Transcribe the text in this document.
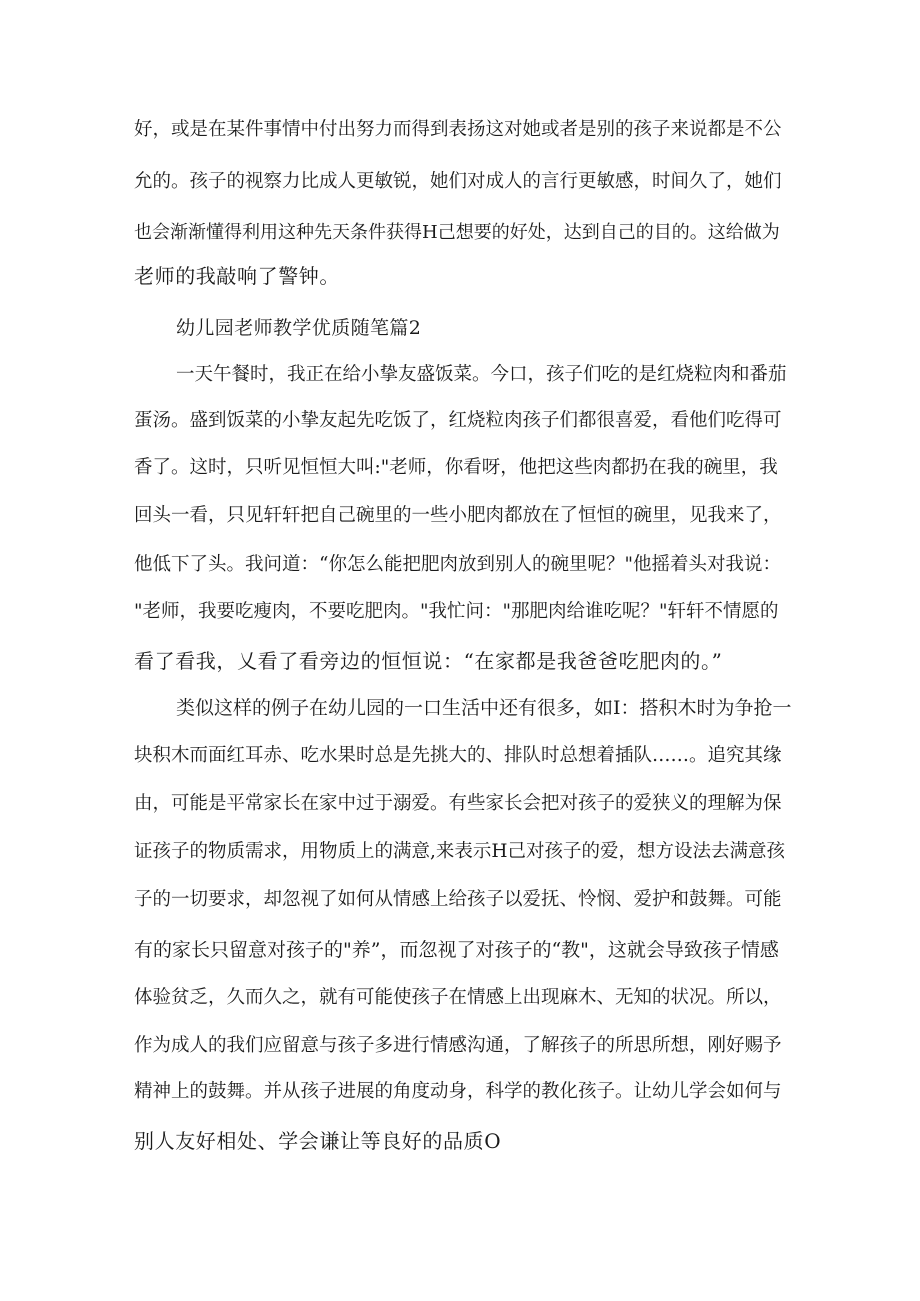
好，或是在某件事情中付出努力而得到表扬这对她或者是别的孩子来说都是不公
允的。孩子的视察力比成人更敏锐，她们对成人的言行更敏感，时间久了，她们
也会渐渐懂得利用这种先天条件获得H己想要的好处，达到自己的目的。这给做为
老师的我敲响了警钟。
幼儿园老师教学优质随笔篇2
一天午餐时，我正在给小挚友盛饭菜。今口，孩子们吃的是红烧粒肉和番茄
蛋汤。盛到饭菜的小挚友起先吃饭了，红烧粒肉孩子们都很喜爱，看他们吃得可
香了。这时，只听见恒恒大叫:"老师，你看呀，他把这些肉都扔在我的碗里，我
回头一看，只见轩轩把自己碗里的一些小肥肉都放在了恒恒的碗里，见我来了，
他低下了头。我问道：“你怎么能把肥肉放到别人的碗里呢？"他摇着头对我说：
"老师，我要吃瘦肉，不要吃肥肉。"我忙问："那肥肉给谁吃呢？"轩轩不情愿的
看了看我，乂看了看旁边的恒恒说：“在家都是我爸爸吃肥肉的。”
类似这样的例子在幼儿园的一口生活中还有很多，如I：搭积木时为争抢一
块积木而面红耳赤、吃水果时总是先挑大的、排队时总想着插队……。追究其缘
由，可能是平常家长在家中过于溺爱。有些家长会把对孩子的爱狭义的理解为保
证孩子的物质需求，用物质上的满意,来表示H己对孩子的爱，想方设法去满意孩
子的一切要求，却忽视了如何从情感上给孩子以爱抚、怜悯、爱护和鼓舞。可能
有的家长只留意对孩子的"养”，而忽视了对孩子的“教"，这就会导致孩子情感
体验贫乏，久而久之，就有可能使孩子在情感上出现麻木、无知的状况。所以，
作为成人的我们应留意与孩子多进行情感沟通，了解孩子的所思所想，刚好赐予
精神上的鼓舞。并从孩子进展的角度动身，科学的教化孩子。让幼儿学会如何与
别人友好相处、学会谦让等良好的品质O
